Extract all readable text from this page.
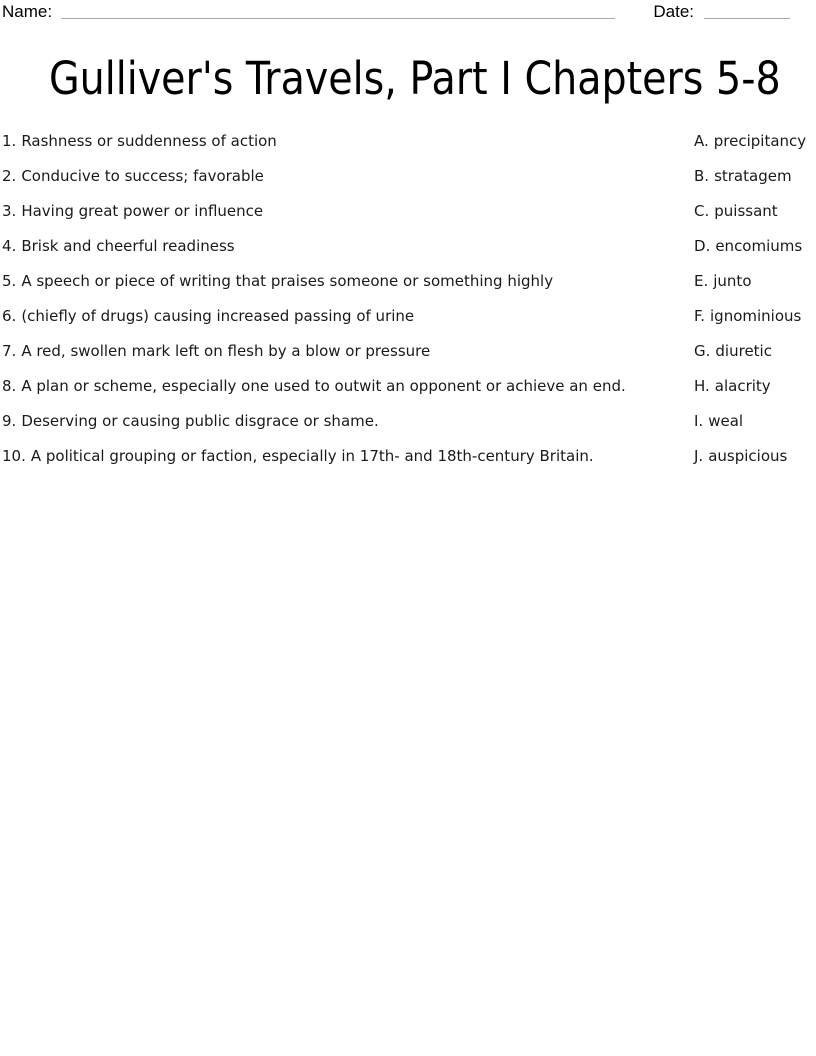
Name:	Date:
Gulliver's Travels, Part I Chapters 5-8
1. Rashness or suddenness of action	A. precipitancy
2. Conducive to success; favorable	B. stratagem
3. Having great power or influence	C. puissant
4. Brisk and cheerful readiness	D. encomiums
5. A speech or piece of writing that praises someone or something highly	E. junto
6. (chiefly of drugs) causing increased passing of urine	F. ignominious
7. A red, swollen mark left on flesh by a blow or pressure	G. diuretic
8. A plan or scheme, especially one used to outwit an opponent or achieve an end.	H. alacrity
9. Deserving or causing public disgrace or shame.	I. weal
10. A political grouping or faction, especially in 17th- and 18th-century Britain.	J. auspicious
